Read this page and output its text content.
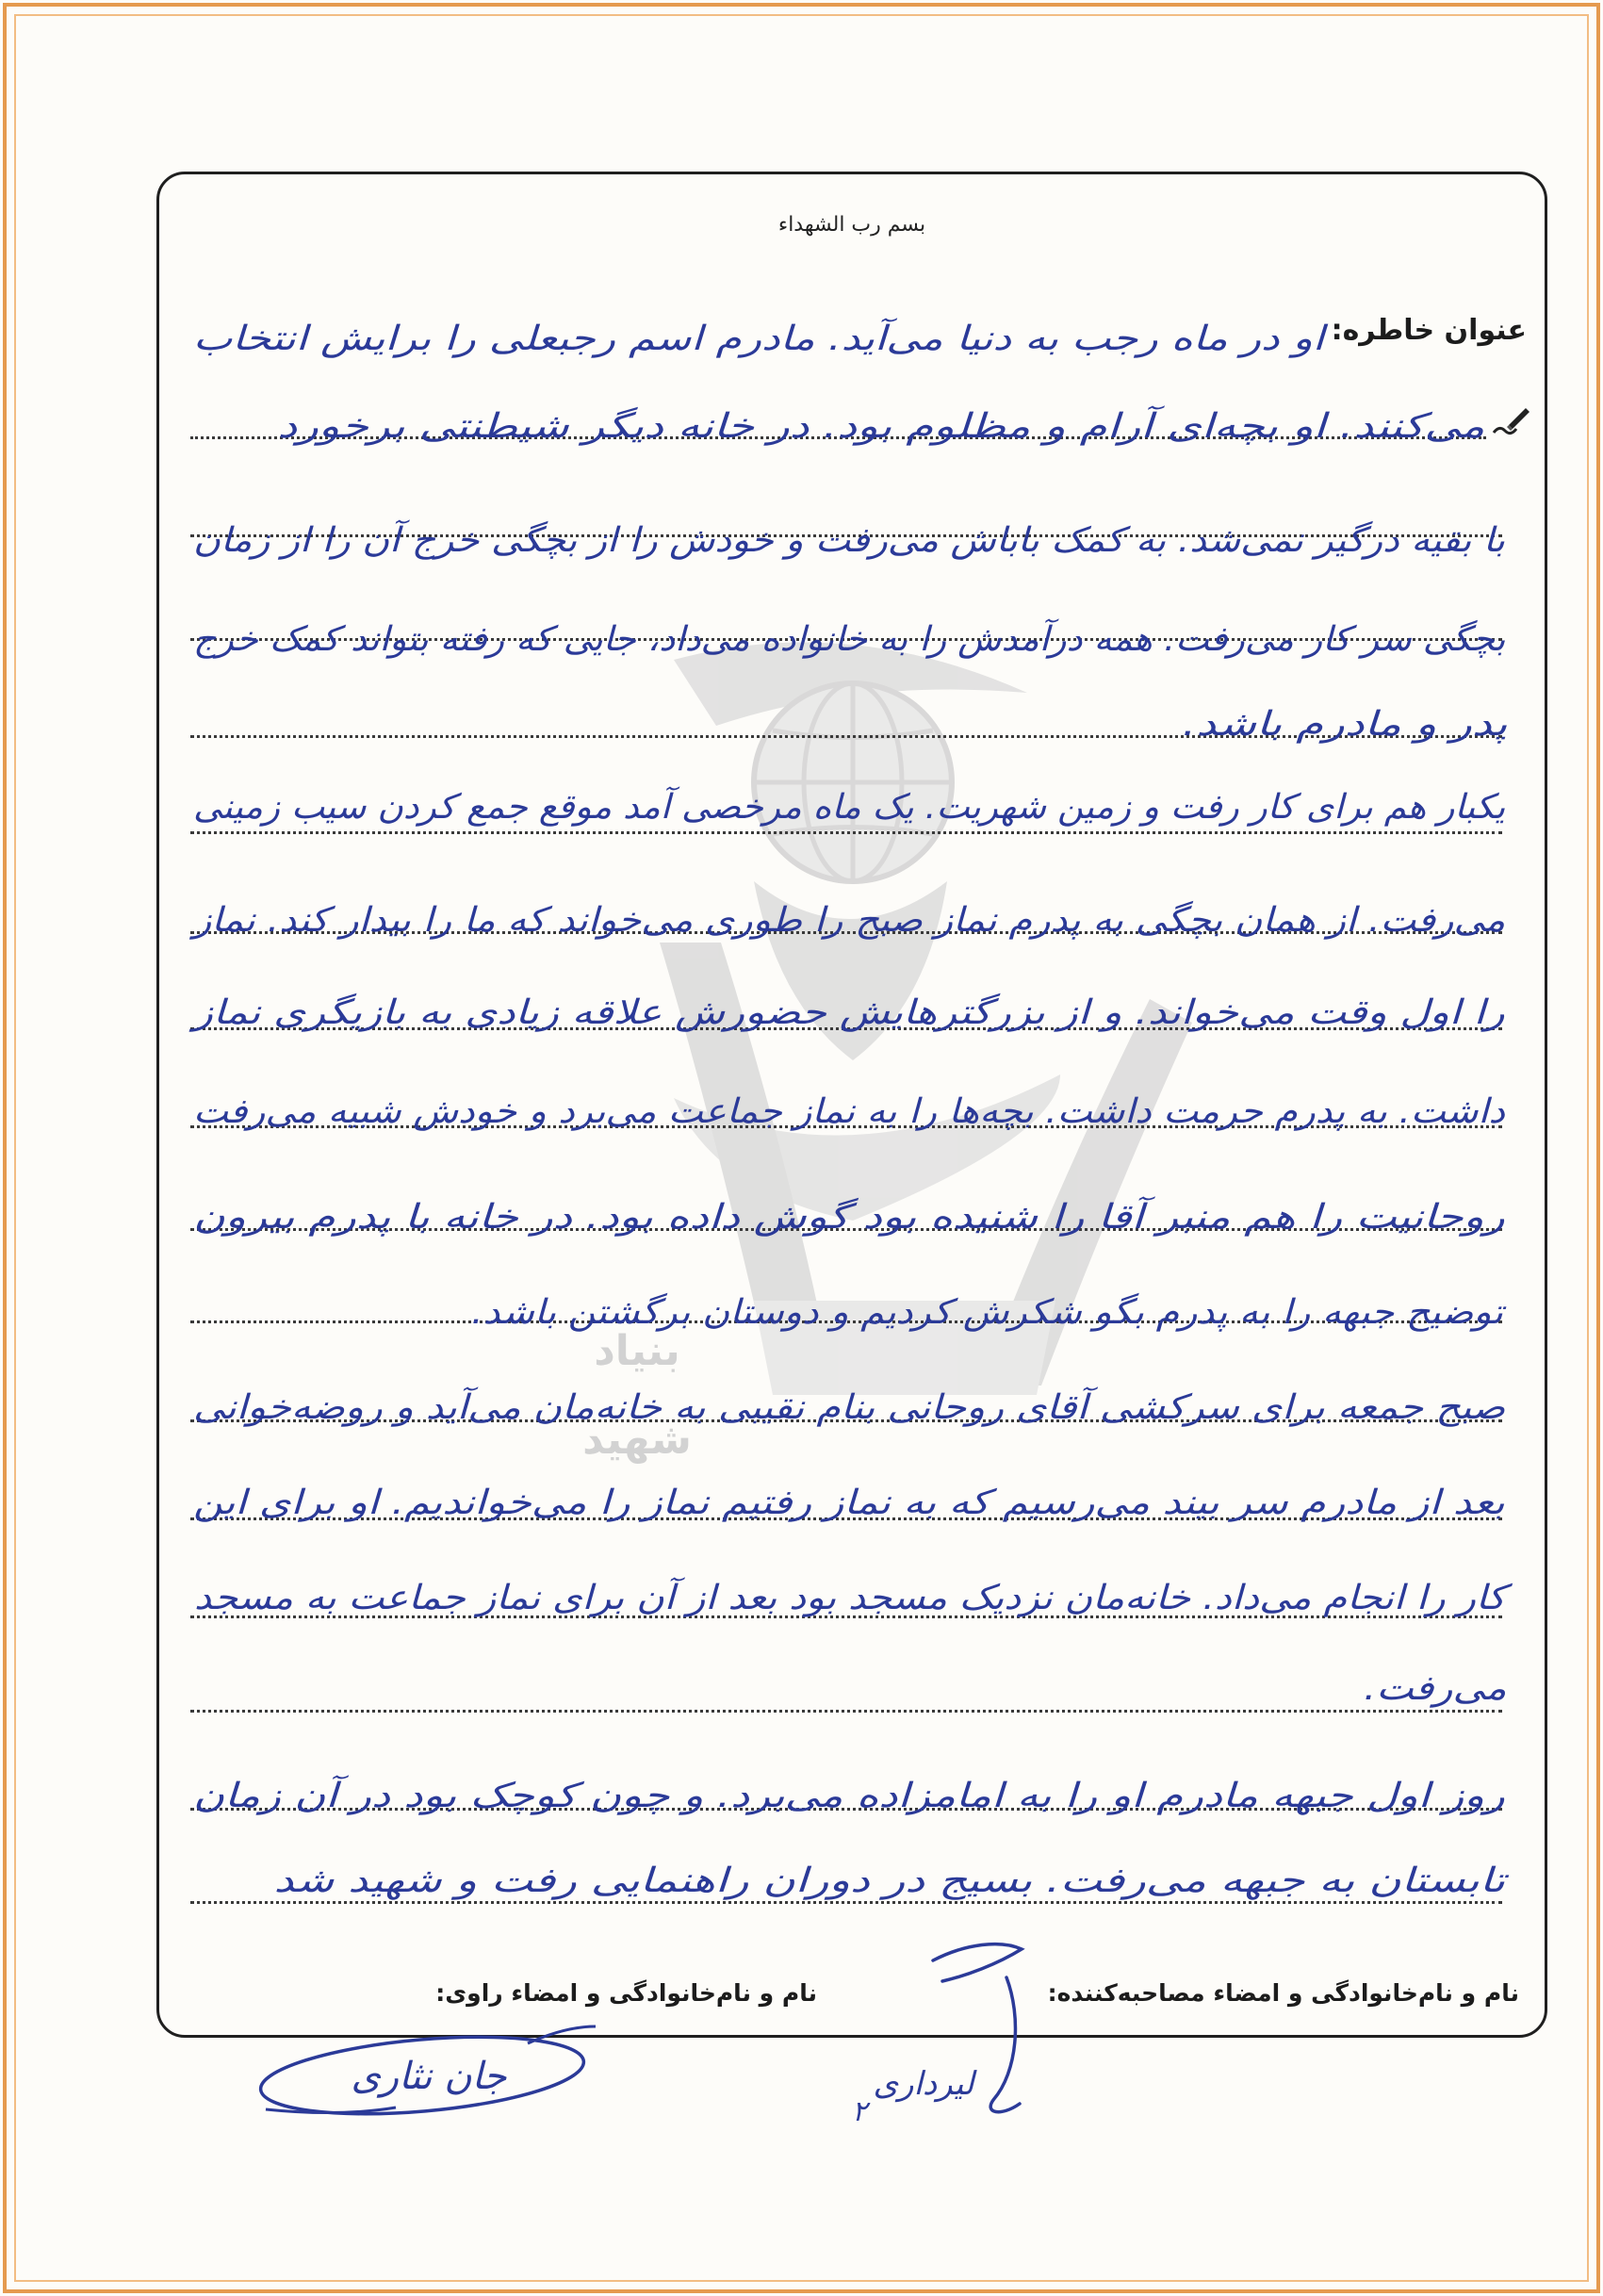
بنیاد
شهید
بسم رب الشهداء
عنوان خاطره:
او در ماه رجب به دنیا می‌آید. مادرم اسم رجبعلی را برایش انتخاب
می‌کنند. او بچه‌ای آرام و مظلوم بود. در خانه دیگر شیطنتی برخورد
با بقیه درگیر نمی‌شد. به کمک باباش می‌رفت و خودش را از بچگی خرج آن را از زمان
بچگی سر کار می‌رفت. همه درآمدش را به خانواده می‌داد، جایی که رفته بتواند کمک خرج
پدر و مادرم باشد.
یکبار هم برای کار رفت و زمین شهریت. یک ماه مرخصی آمد موقع جمع کردن سیب زمینی
می‌رفت. از همان بچگی به پدرم نماز صبح را طوری می‌خواند که ما را بیدار کند. نماز
را اول وقت می‌خواند. و از بزرگترهایش حضورش علاقه زیادی به بازیگری نماز
داشت. به پدرم حرمت داشت. بچه‌ها را به نماز جماعت می‌برد و خودش شبیه می‌رفت
روحانیت را هم منبر آقا را شنیده بود گوش داده بود. در خانه با پدرم بیرون
توضیح جبهه را به پدرم بگو شکرش کردیم و دوستان برگشتن باشد.
صبح جمعه برای سرکشی آقای روحانی بنام نقیبی به خانه‌مان می‌آید و روضه‌خوانی
بعد از مادرم سر بیند می‌رسیم که به نماز رفتیم نماز را می‌خواندیم. او برای این
کار را انجام می‌داد. خانه‌مان نزدیک مسجد بود بعد از آن برای نماز جماعت به مسجد
می‌رفت.
روز اول جبهه مادرم او را به امامزاده می‌برد. و چون کوچک بود در آن زمان
تابستان به جبهه می‌رفت. بسیج در دوران راهنمایی رفت و شهید شد
نام و نام‌خانوادگی و امضاء مصاحبه‌کننده:
نام و نام‌خانوادگی و امضاء راوی:
جان نثاری	لیرداری
۲
